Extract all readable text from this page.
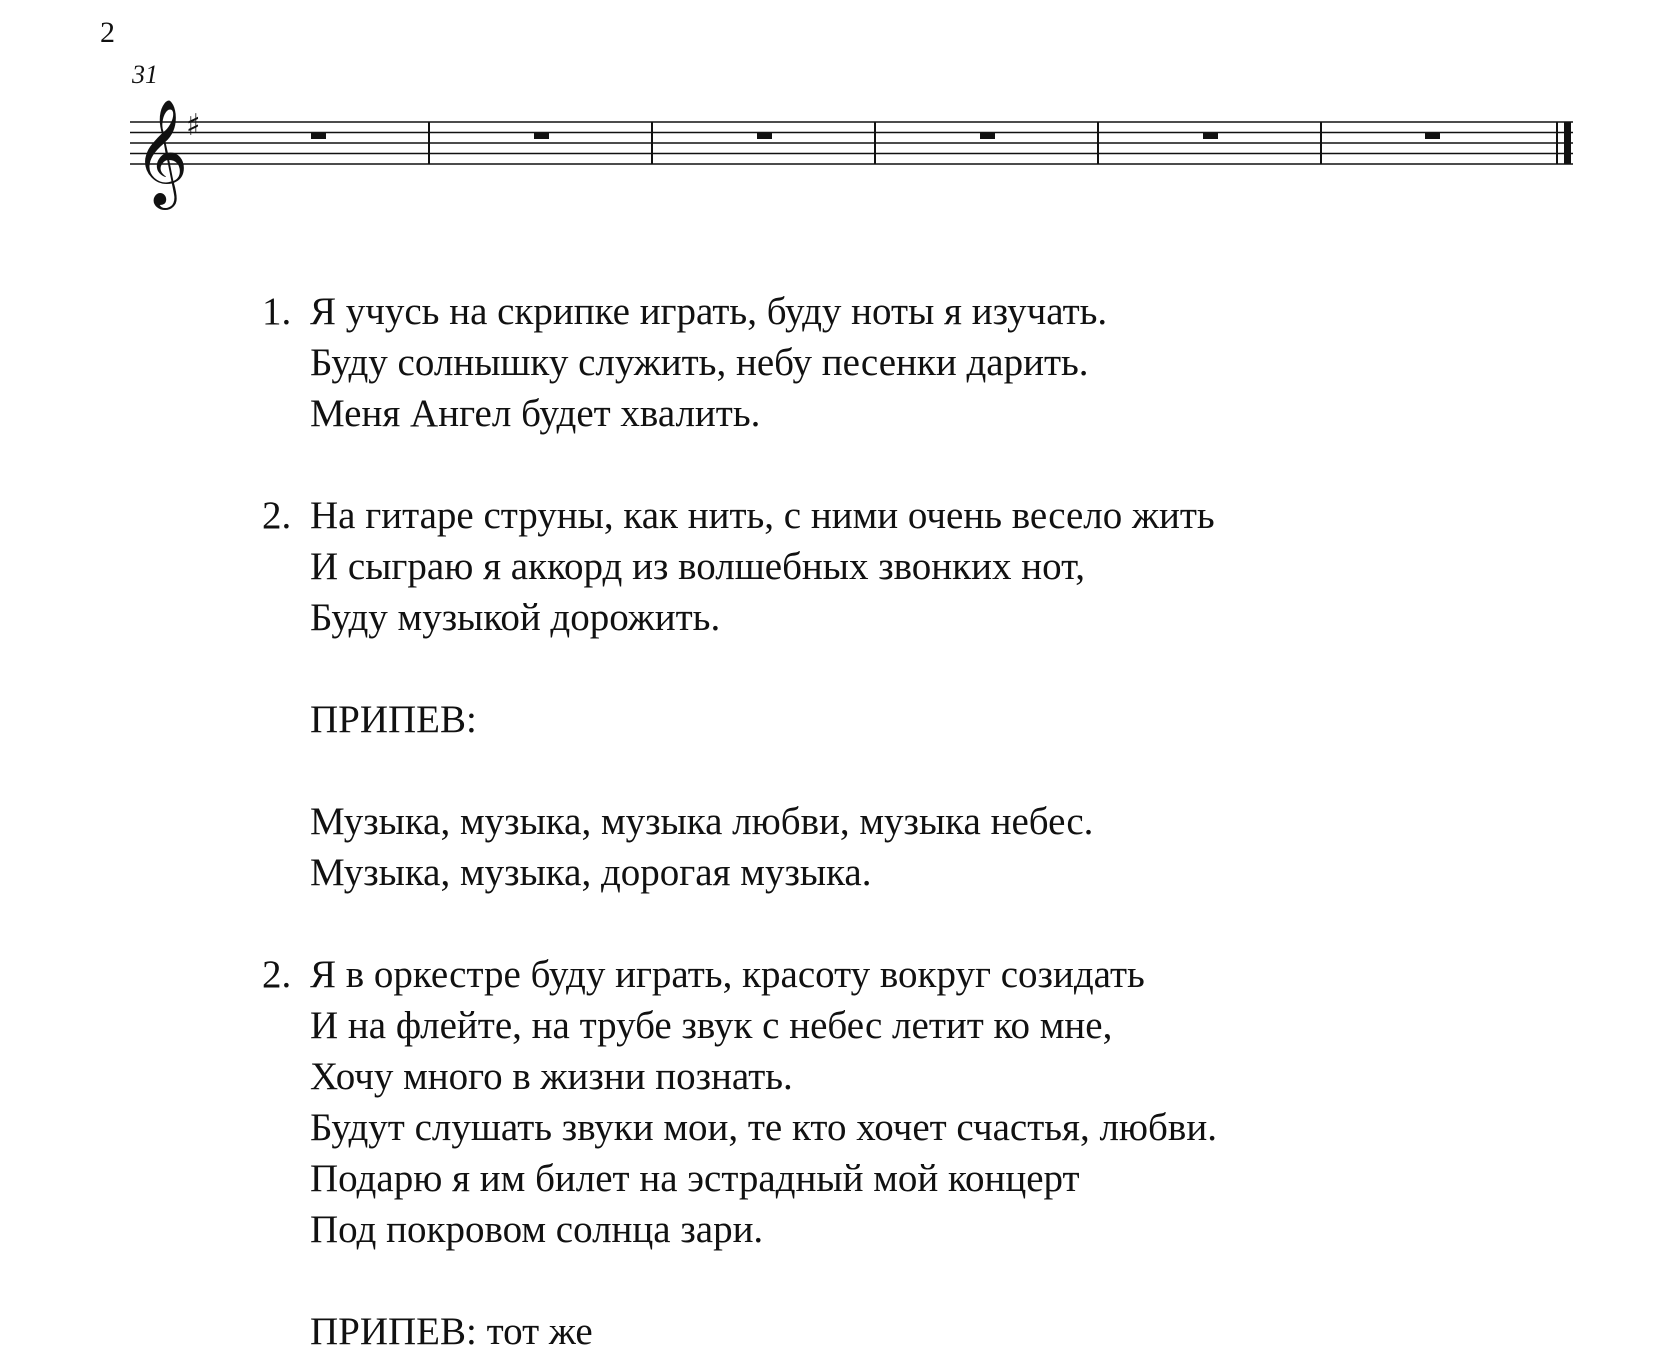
2
31
𝄞
♯
1. Я учусь на скрипке играть, буду ноты я изучать.
Буду солнышку служить, небу песенки дарить.
Меня Ангел будет хвалить.
2. На гитаре струны, как нить, с ними очень весело жить
И сыграю я аккорд из волшебных звонких нот,
Буду музыкой дорожить.
ПРИПЕВ:
Музыка, музыка, музыка любви, музыка небес.
Музыка, музыка, дорогая музыка.
2. Я в оркестре буду играть, красоту вокруг созидать
И на флейте, на трубе звук с небес летит ко мне,
Хочу много в жизни познать.
Будут слушать звуки мои, те кто хочет счастья, любви.
Подарю я им билет на эстрадный мой концерт
Под покровом солнца зари.
ПРИПЕВ: тот же
